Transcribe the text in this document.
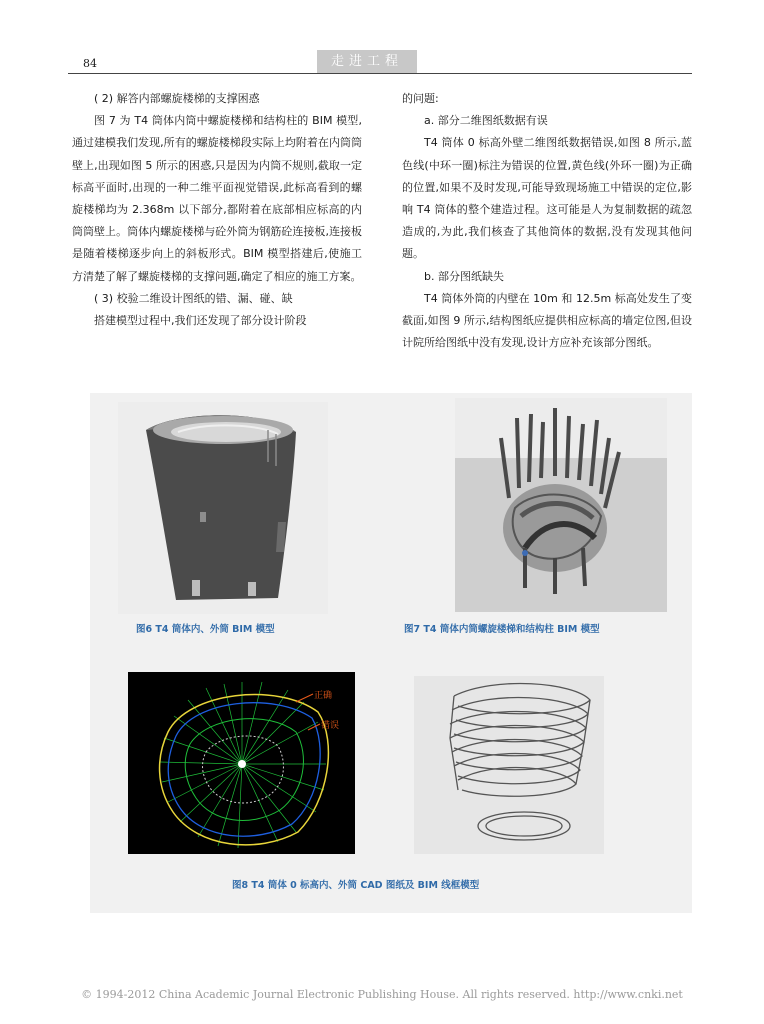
84	走进工程

( 2) 解答内部螺旋楼梯的支撑困惑

图 7 为 T4 筒体内筒中螺旋楼梯和结构柱的 BIM 模型,通过建模我们发现,所有的螺旋楼梯段实际上均附着在内筒筒壁上,出现如图 5 所示的困惑,只是因为内筒不规则,截取一定标高平面时,出现的一种二维平面视觉错误,此标高看到的螺旋楼梯均为 2.368m 以下部分,都附着在底部相应标高的内筒筒壁上。筒体内螺旋楼梯与砼外筒为钢筋砼连接板,连接板是随着楼梯逐步向上的斜板形式。BIM 模型搭建后,使施工方清楚了解了螺旋楼梯的支撑问题,确定了相应的施工方案。

( 3) 校验二维设计图纸的错、漏、碰、缺

搭建模型过程中,我们还发现了部分设计阶段

的问题:

a. 部分二维图纸数据有误

T4 筒体 0 标高外壁二维图纸数据错误,如图 8 所示,蓝色线(中环一圈)标注为错误的位置,黄色线(外环一圈)为正确的位置,如果不及时发现,可能导致现场施工中错误的定位,影响 T4 筒体的整个建造过程。这可能是人为复制数据的疏忽造成的,为此,我们核查了其他筒体的数据,没有发现其他问题。

b. 部分图纸缺失

T4 筒体外筒的内壁在 10m 和 12.5m 标高处发生了变截面,如图 9 所示,结构图纸应提供相应标高的墙定位图,但设计院所给图纸中没有发现,设计方应补充该部分图纸。

图6 T4 筒体内、外筒 BIM 模型	图7 T4 筒体内筒螺旋楼梯和结构柱 BIM 模型
正确
错误
图8 T4 筒体 0 标高内、外筒 CAD 图纸及 BIM 线框模型
© 1994-2012 China Academic Journal Electronic Publishing House. All rights reserved. http://www.cnki.net
